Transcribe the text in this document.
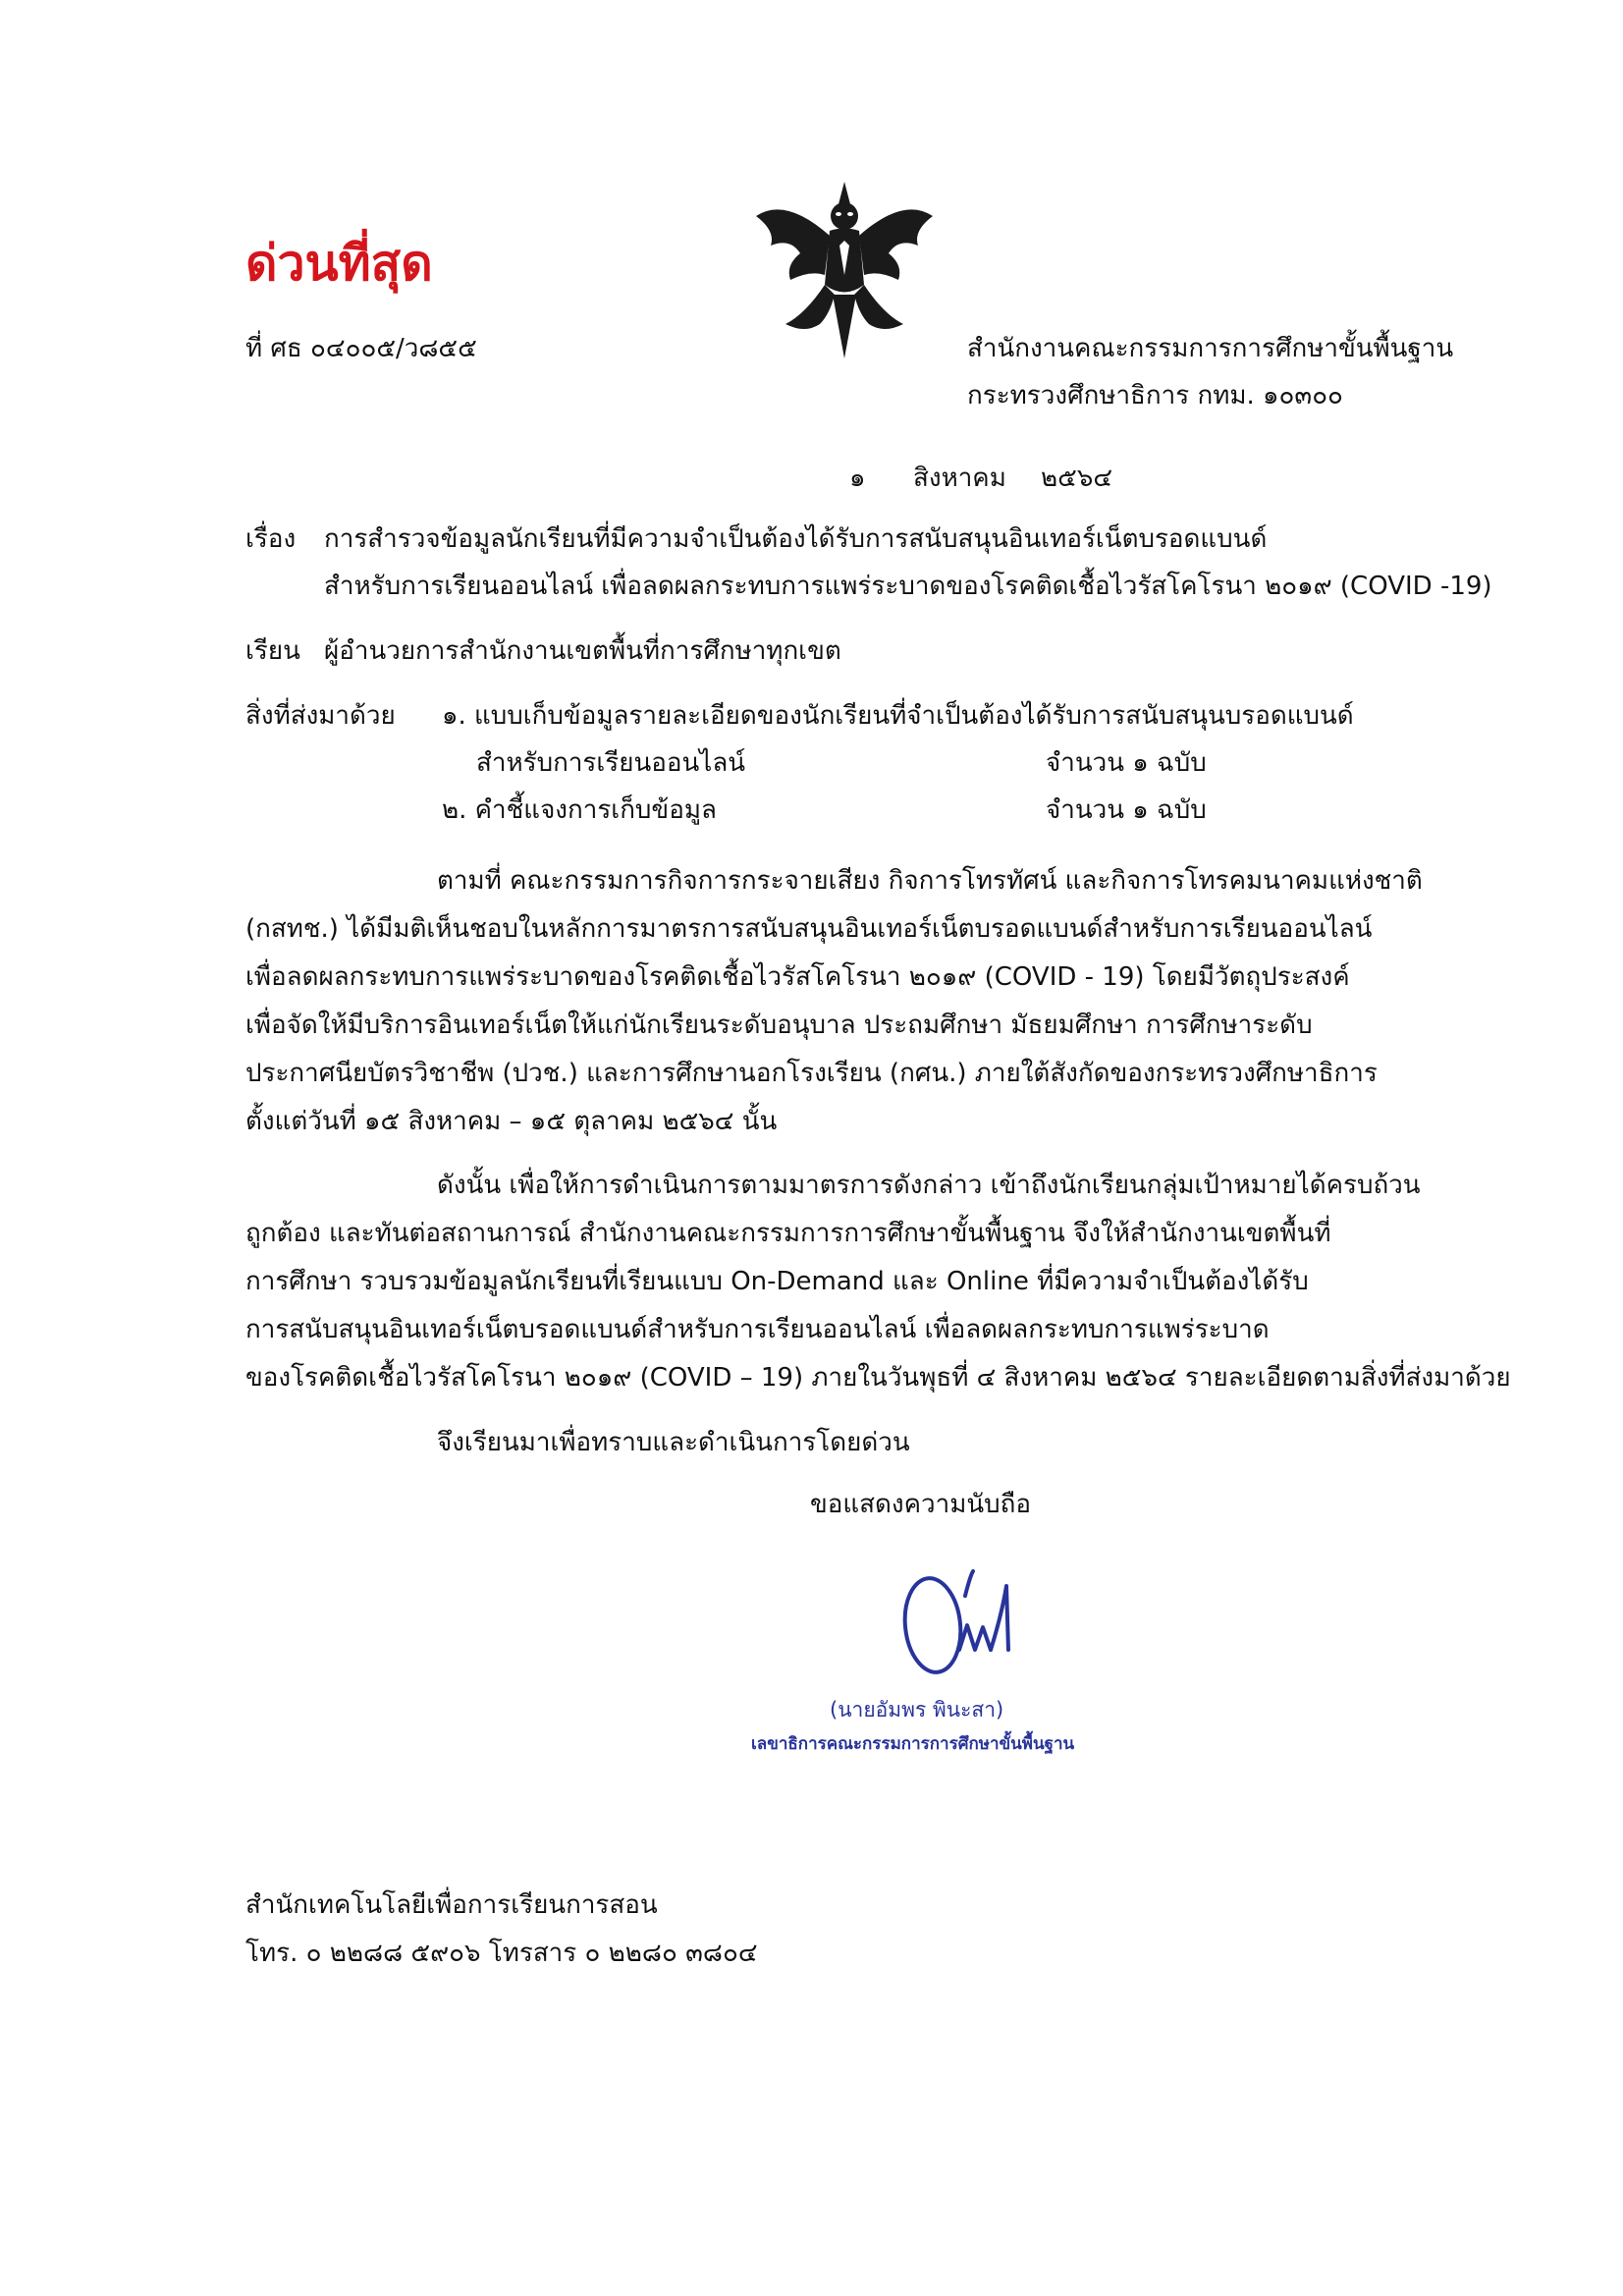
ด่วนที่สุด
ที่ ศธ ๐๔๐๐๕/ว๘๕๕	สำนักงานคณะกรรมการการศึกษาขั้นพื้นฐาน
กระทรวงศึกษาธิการ กทม. ๑๐๓๐๐
๑ สิงหาคม ๒๕๖๔
เรื่อง การสำรวจข้อมูลนักเรียนที่มีความจำเป็นต้องได้รับการสนับสนุนอินเทอร์เน็ตบรอดแบนด์
สำหรับการเรียนออนไลน์ เพื่อลดผลกระทบการแพร่ระบาดของโรคติดเชื้อไวรัสโคโรนา ๒๐๑๙ (COVID -19)
เรียน ผู้อำนวยการสำนักงานเขตพื้นที่การศึกษาทุกเขต
สิ่งที่ส่งมาด้วย ๑. แบบเก็บข้อมูลรายละเอียดของนักเรียนที่จำเป็นต้องได้รับการสนับสนุนบรอดแบนด์
สำหรับการเรียนออนไลน์	จำนวน ๑ ฉบับ
๒. คำชี้แจงการเก็บข้อมูล	จำนวน ๑ ฉบับ
ตามที่ คณะกรรมการกิจการกระจายเสียง กิจการโทรทัศน์ และกิจการโทรคมนาคมแห่งชาติ
(กสทช.) ได้มีมติเห็นชอบในหลักการมาตรการสนับสนุนอินเทอร์เน็ตบรอดแบนด์สำหรับการเรียนออนไลน์
เพื่อลดผลกระทบการแพร่ระบาดของโรคติดเชื้อไวรัสโคโรนา ๒๐๑๙ (COVID - 19) โดยมีวัตถุประสงค์
เพื่อจัดให้มีบริการอินเทอร์เน็ตให้แก่นักเรียนระดับอนุบาล ประถมศึกษา มัธยมศึกษา การศึกษาระดับ
ประกาศนียบัตรวิชาชีพ (ปวช.) และการศึกษานอกโรงเรียน (กศน.) ภายใต้สังกัดของกระทรวงศึกษาธิการ
ตั้งแต่วันที่ ๑๕ สิงหาคม – ๑๕ ตุลาคม ๒๕๖๔ นั้น
ดังนั้น เพื่อให้การดำเนินการตามมาตรการดังกล่าว เข้าถึงนักเรียนกลุ่มเป้าหมายได้ครบถ้วน
ถูกต้อง และทันต่อสถานการณ์ สำนักงานคณะกรรมการการศึกษาขั้นพื้นฐาน จึงให้สำนักงานเขตพื้นที่
การศึกษา รวบรวมข้อมูลนักเรียนที่เรียนแบบ On-Demand และ Online ที่มีความจำเป็นต้องได้รับ
การสนับสนุนอินเทอร์เน็ตบรอดแบนด์สำหรับการเรียนออนไลน์ เพื่อลดผลกระทบการแพร่ระบาด
ของโรคติดเชื้อไวรัสโคโรนา ๒๐๑๙ (COVID – 19) ภายในวันพุธที่ ๔ สิงหาคม ๒๕๖๔ รายละเอียดตามสิ่งที่ส่งมาด้วย
จึงเรียนมาเพื่อทราบและดำเนินการโดยด่วน
ขอแสดงความนับถือ
(นายอัมพร พินะสา)
เลขาธิการคณะกรรมการการศึกษาขั้นพื้นฐาน
สำนักเทคโนโลยีเพื่อการเรียนการสอน
โทร. ๐ ๒๒๘๘ ๕๙๐๖ โทรสาร ๐ ๒๒๘๐ ๓๘๐๔
